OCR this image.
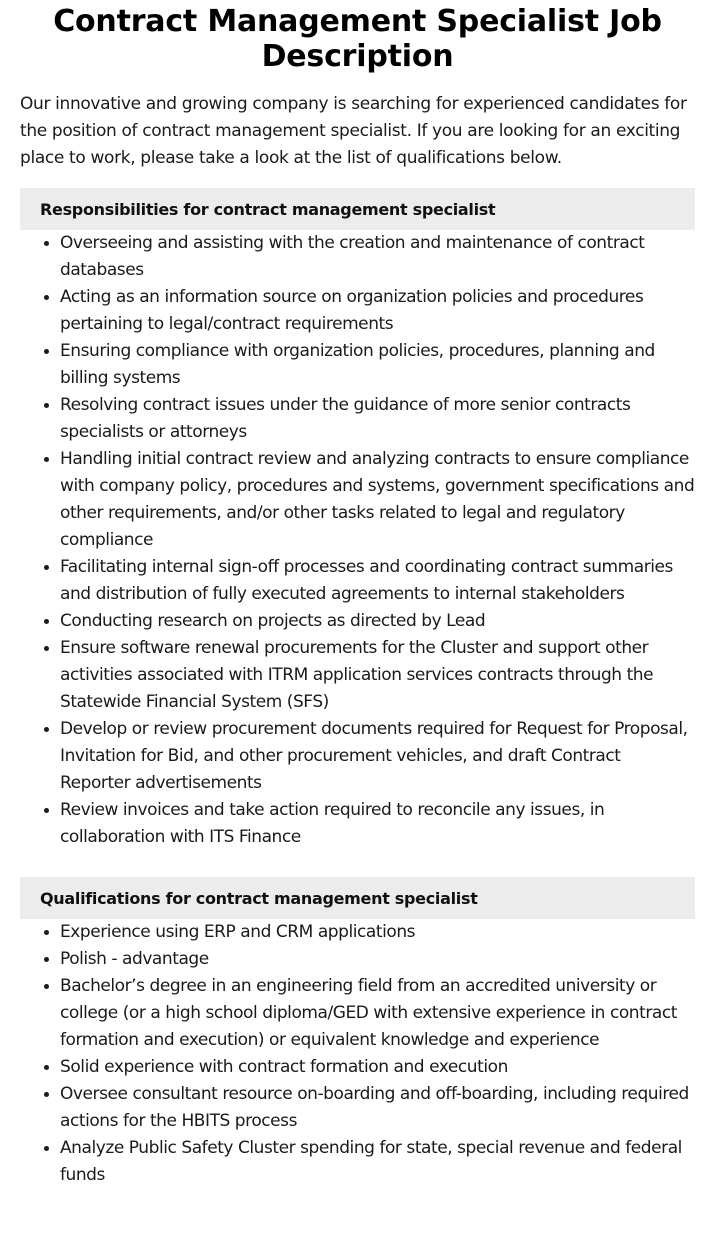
Contract Management Specialist Job Description

Our innovative and growing company is searching for experienced candidates for the position of contract management specialist. If you are looking for an exciting place to work, please take a look at the list of qualifications below.

Responsibilities for contract management specialist
Overseeing and assisting with the creation and maintenance of contract databases
Acting as an information source on organization policies and procedures pertaining to legal/contract requirements
Ensuring compliance with organization policies, procedures, planning and billing systems
Resolving contract issues under the guidance of more senior contracts specialists or attorneys
Handling initial contract review and analyzing contracts to ensure compliance with company policy, procedures and systems, government specifications and other requirements, and/or other tasks related to legal and regulatory compliance
Facilitating internal sign-off processes and coordinating contract summaries and distribution of fully executed agreements to internal stakeholders
Conducting research on projects as directed by Lead
Ensure software renewal procurements for the Cluster and support other activities associated with ITRM application services contracts through the Statewide Financial System (SFS)
Develop or review procurement documents required for Request for Proposal, Invitation for Bid, and other procurement vehicles, and draft Contract Reporter advertisements
Review invoices and take action required to reconcile any issues, in collaboration with ITS Finance
Qualifications for contract management specialist
Experience using ERP and CRM applications
Polish - advantage
Bachelor’s degree in an engineering field from an accredited university or college (or a high school diploma/GED with extensive experience in contract formation and execution) or equivalent knowledge and experience
Solid experience with contract formation and execution
Oversee consultant resource on-boarding and off-boarding, including required actions for the HBITS process
Analyze Public Safety Cluster spending for state, special revenue and federal funds
